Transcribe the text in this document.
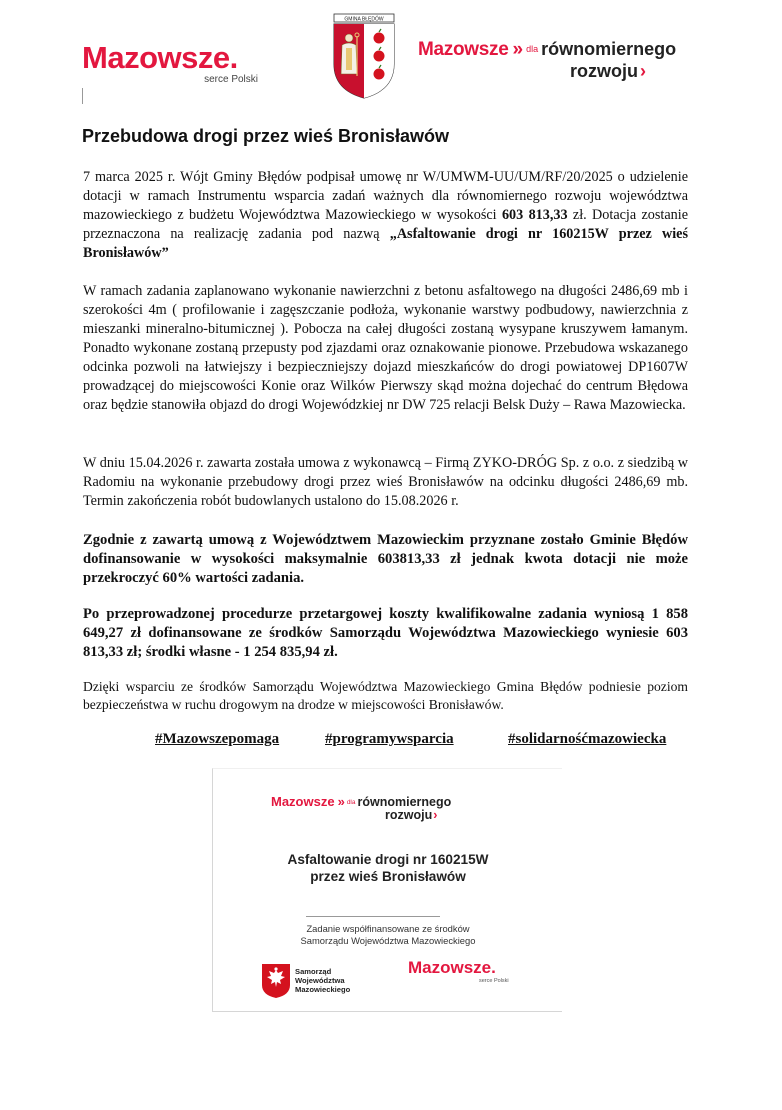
Mazowsze.
serce Polski
GMINA BŁĘDÓW
Mazowsze » dla równomiernego
rozwoju ›
Przebudowa drogi przez wieś Bronisławów
7 marca 2025 r. Wójt Gminy Błędów podpisał umowę nr W/UMWM-UU/UM/RF/20/2025 o udzielenie dotacji w ramach Instrumentu wsparcia zadań ważnych dla równomiernego rozwoju województwa mazowieckiego z budżetu Województwa Mazowieckiego w wysokości 603 813,33 zł. Dotacja zostanie przeznaczona na realizację zadania pod nazwą „Asfaltowanie drogi nr 160215W przez wieś Bronisławów”
W ramach zadania zaplanowano wykonanie nawierzchni z betonu asfaltowego na długości 2486,69 mb i szerokości 4m ( profilowanie i zagęszczanie podłoża, wykonanie warstwy podbudowy, nawierzchnia z mieszanki mineralno-bitumicznej ). Pobocza na całej długości zostaną wysypane kruszywem łamanym. Ponadto wykonane zostaną przepusty pod zjazdami oraz oznakowanie pionowe. Przebudowa wskazanego odcinka pozwoli na łatwiejszy i bezpieczniejszy dojazd mieszkańców do drogi powiatowej DP1607W prowadzącej do miejscowości Konie oraz Wilków Pierwszy skąd można dojechać do centrum Błędowa oraz będzie stanowiła objazd do drogi Wojewódzkiej nr DW 725 relacji Belsk Duży – Rawa Mazowiecka.
W dniu 15.04.2026 r. zawarta została umowa z wykonawcą – Firmą ZYKO-DRÓG Sp. z o.o. z siedzibą w Radomiu na wykonanie przebudowy drogi przez wieś Bronisławów na odcinku długości 2486,69 mb. Termin zakończenia robót budowlanych ustalono do 15.08.2026 r.
Zgodnie z zawartą umową z Województwem Mazowieckim przyznane zostało Gminie Błędów dofinansowanie w wysokości maksymalnie 603813,33 zł jednak kwota dotacji nie może przekroczyć 60% wartości zadania.
Po przeprowadzonej procedurze przetargowej koszty kwalifikowalne zadania wyniosą 1 858 649,27 zł dofinansowane ze środków Samorządu Województwa Mazowieckiego wyniesie 603 813,33 zł; środki własne - 1 254 835,94 zł.
Dzięki wsparciu ze środków Samorządu Województwa Mazowieckiego Gmina Błędów podniesie poziom bezpieczeństwa w ruchu drogowym na drodze w miejscowości Bronisławów.
#Mazowszepomaga	#programywsparcia	#solidarnośćmazowiecka
Mazowsze » dla równomiernego
rozwoju›
Asfaltowanie drogi nr 160215W
przez wieś Bronisławów
Zadanie współfinansowane ze środków
Samorządu Województwa Mazowieckiego
Samorząd
Województwa
Mazowieckiego
Mazowsze.
serce Polski
